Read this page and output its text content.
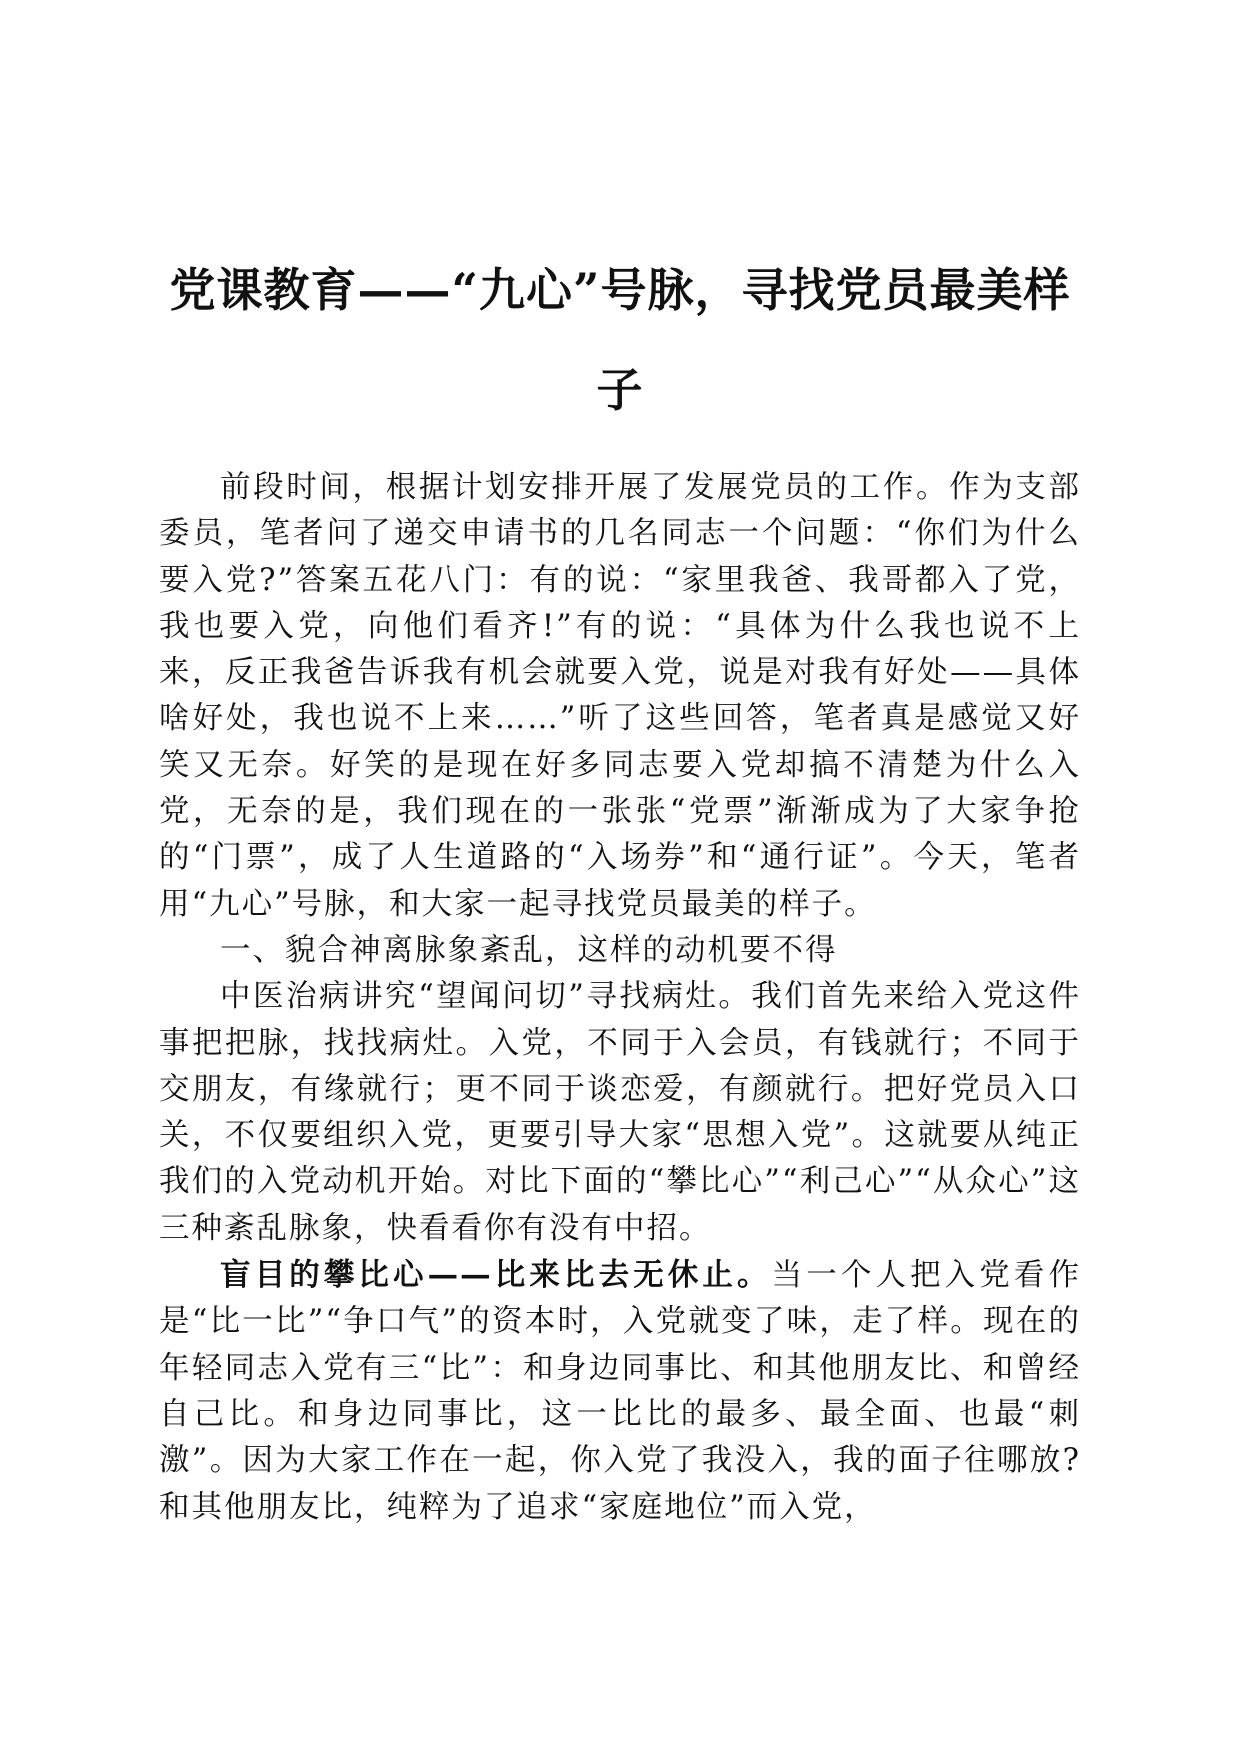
党课教育——“九心”号脉，寻找党员最美样子

前段时间，根据计划安排开展了发展党员的工作。作为支部委员，笔者问了递交申请书的几名同志一个问题：“你们为什么要入党?”答案五花八门：有的说：“家里我爸、我哥都入了党，我也要入党，向他们看齐!”有的说：“具体为什么我也说不上来，反正我爸告诉我有机会就要入党，说是对我有好处——具体啥好处，我也说不上来……”听了这些回答，笔者真是感觉又好笑又无奈。好笑的是现在好多同志要入党却搞不清楚为什么入党，无奈的是，我们现在的一张张“党票”渐渐成为了大家争抢的“门票”，成了人生道路的“入场券”和“通行证”。今天，笔者用“九心”号脉，和大家一起寻找党员最美的样子。

一、貌合神离脉象紊乱，这样的动机要不得

中医治病讲究“望闻问切”寻找病灶。我们首先来给入党这件事把把脉，找找病灶。入党，不同于入会员，有钱就行；不同于交朋友，有缘就行；更不同于谈恋爱，有颜就行。把好党员入口关，不仅要组织入党，更要引导大家“思想入党”。这就要从纯正我们的入党动机开始。对比下面的“攀比心”“利己心”“从众心”这三种紊乱脉象，快看看你有没有中招。

盲目的攀比心——比来比去无休止。当一个人把入党看作是“比一比”“争口气”的资本时，入党就变了味，走了样。现在的年轻同志入党有三“比”：和身边同事比、和其他朋友比、和曾经自己比。和身边同事比，这一比比的最多、最全面、也最“刺激”。因为大家工作在一起，你入党了我没入，我的面子往哪放?和其他朋友比，纯粹为了追求“家庭地位”而入党，
